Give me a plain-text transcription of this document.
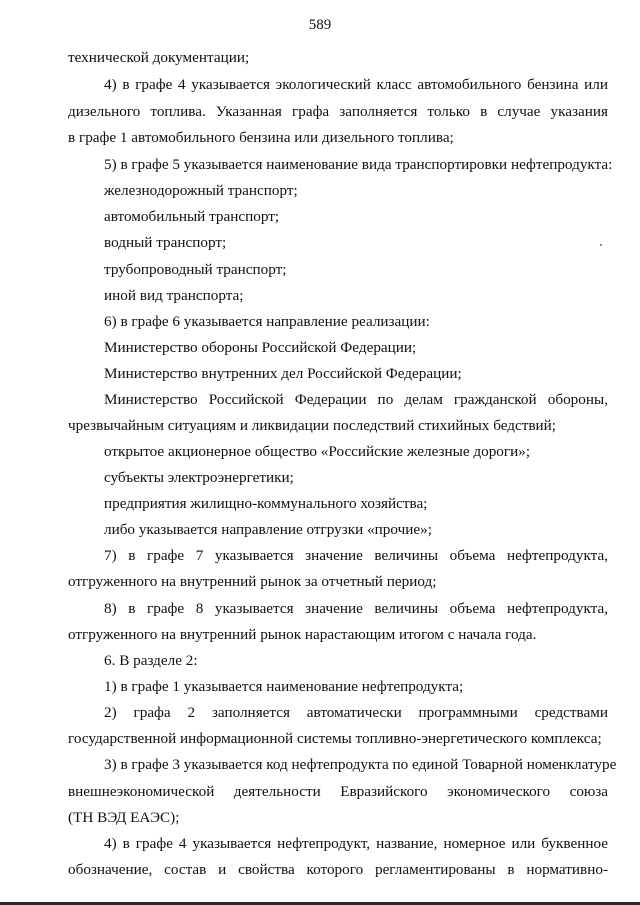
589
технической документации;
4) в графе 4 указывается экологический класс автомобильного бензина или
дизельного топлива. Указанная графа заполняется только в случае указания
в графе 1 автомобильного бензина или дизельного топлива;
5) в графе 5 указывается наименование вида транспортировки нефтепродукта:
железнодорожный транспорт;
автомобильный транспорт;
водный транспорт;
трубопроводный транспорт;
иной вид транспорта;
6) в графе 6 указывается направление реализации:
Министерство обороны Российской Федерации;
Министерство внутренних дел Российской Федерации;
Министерство Российской Федерации по делам гражданской обороны,
чрезвычайным ситуациям и ликвидации последствий стихийных бедствий;
открытое акционерное общество «Российские железные дороги»;
субъекты электроэнергетики;
предприятия жилищно-коммунального хозяйства;
либо указывается направление отгрузки «прочие»;
7) в графе 7 указывается значение величины объема нефтепродукта,
отгруженного на внутренний рынок за отчетный период;
8) в графе 8 указывается значение величины объема нефтепродукта,
отгруженного на внутренний рынок нарастающим итогом с начала года.
6. В разделе 2:
1) в графе 1 указывается наименование нефтепродукта;
2) графа 2 заполняется автоматически программными средствами
государственной информационной системы топливно-энергетического комплекса;
3) в графе 3 указывается код нефтепродукта по единой Товарной номенклатуре
внешнеэкономической деятельности Евразийского экономического союза
(ТН ВЭД ЕАЭС);
4) в графе 4 указывается нефтепродукт, название, номерное или буквенное
обозначение, состав и свойства которого регламентированы в нормативно-
